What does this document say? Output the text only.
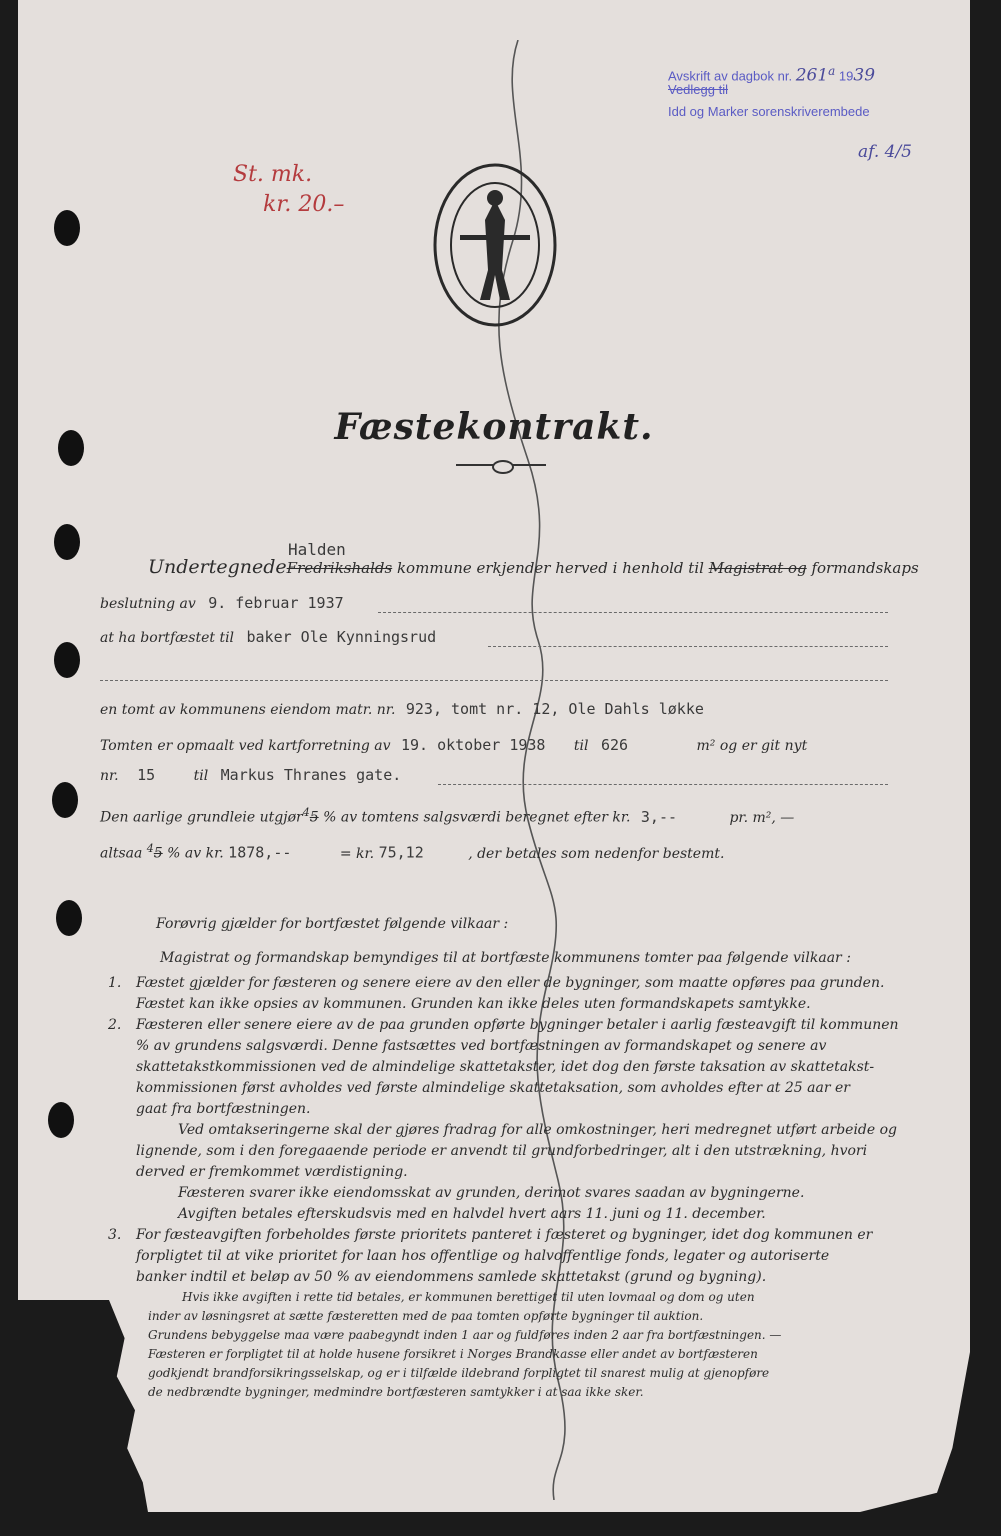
Avskrift av dagbok nr. 261$^a$ 1939
Vedlegg til
Idd og Marker sorenskriverembede
af. 4/5
St. mk.
kr. 20.–
Fæstekontrakt.
Halden
UndertegnedeFredrikshalds kommune erkjender herved i henhold til Magistrat og formandskaps
beslutning av 9. februar 1937
at ha bortfæstet til baker Ole Kynningsrud
en tomt av kommunens eiendom matr. nr. 923, tomt nr. 12, Ole Dahls løkke
Tomten er opmaalt ved kartforretning av 19. oktober 1938 til 626	m² og er git nyt
nr. 15	til Markus Thranes gate.
Den aarlige grundleie utgjør$^4$5 % av tomtens salgsværdi beregnet efter kr. 3,--	pr. m², —
altsaa $^4$5 % av kr. 1878,--	= kr. 75,12	, der betales som nedenfor bestemt.
Forøvrig gjælder for bortfæstet følgende vilkaar :

Magistrat og formandskap bemyndiges til at bortfæste kommunens tomter paa følgende vilkaar :

1. Fæstet gjælder for fæsteren og senere eiere av den eller de bygninger, som maatte opføres paa grunden.

Fæstet kan ikke opsies av kommunen. Grunden kan ikke deles uten formandskapets samtykke.

2. Fæsteren eller senere eiere av de paa grunden opførte bygninger betaler i aarlig fæsteavgift til kommunen

% av grundens salgsværdi. Denne fastsættes ved bortfæstningen av formandskapet og senere av

skattetakstkommissionen ved de almindelige skattetakster, idet dog den første taksation av skattetakst-

kommissionen først avholdes ved første almindelige skattetaksation, som avholdes efter at 25 aar er

gaat fra bortfæstningen.

Ved omtakseringerne skal der gjøres fradrag for alle omkostninger, heri medregnet utført arbeide og

lignende, som i den foregaaende periode er anvendt til grundforbedringer, alt i den utstrækning, hvori

derved er fremkommet værdistigning.

Fæsteren svarer ikke eiendomsskat av grunden, derimot svares saadan av bygningerne.

Avgiften betales efterskudsvis med en halvdel hvert aars 11. juni og 11. december.

3. For fæsteavgiften forbeholdes første prioritets panteret i fæsteret og bygninger, idet dog kommunen er

forpligtet til at vike prioritet for laan hos offentlige og halvoffentlige fonds, legater og autoriserte

banker indtil et beløp av 50 % av eiendommens samlede skattetakst (grund og bygning).

Hvis ikke avgiften i rette tid betales, er kommunen berettiget til uten lovmaal og dom og uten

inder av løsningsret at sætte fæsteretten med de paa tomten opførte bygninger til auktion.

Grundens bebyggelse maa være paabegyndt inden 1 aar og fuldføres inden 2 aar fra bortfæstningen. —

Fæsteren er forpligtet til at holde husene forsikret i Norges Brandkasse eller andet av bortfæsteren

godkjendt brandforsikringsselskap, og er i tilfælde ildebrand forpligtet til snarest mulig at gjenopføre

de nedbrændte bygninger, medmindre bortfæsteren samtykker i at saa ikke sker.
